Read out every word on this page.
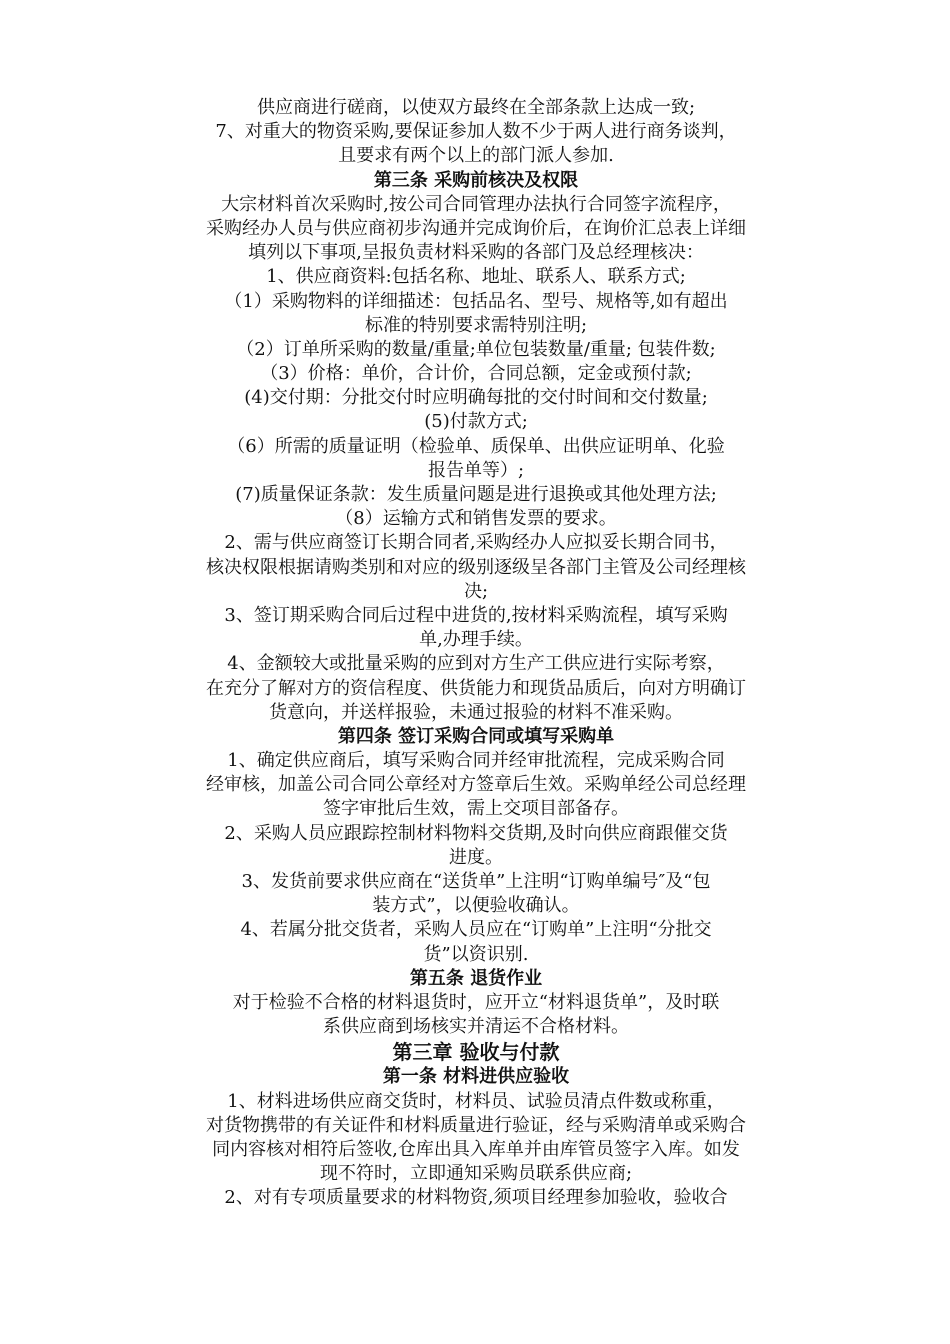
供应商进行磋商，以使双方最终在全部条款上达成一致;
7、对重大的物资采购,要保证参加人数不少于两人进行商务谈判，
且要求有两个以上的部门派人参加.
第三条 采购前核决及权限
大宗材料首次采购时,按公司合同管理办法执行合同签字流程序，
采购经办人员与供应商初步沟通并完成询价后，在询价汇总表上详细
填列以下事项,呈报负责材料采购的各部门及总经理核决：
1、供应商资料:包括名称、地址、联系人、联系方式;
（1）采购物料的详细描述：包括品名、型号、规格等,如有超出
标准的特别要求需特别注明;
（2）订单所采购的数量/重量;单位包装数量/重量; 包装件数;
（3）价格：单价，合计价，合同总额，定金或预付款;
(4)交付期：分批交付时应明确每批的交付时间和交付数量;
(5)付款方式;
（6）所需的质量证明（检验单、质保单、出供应证明单、化验
报告单等）;
(7)质量保证条款：发生质量问题是进行退换或其他处理方法;
（8）运输方式和销售发票的要求。
2、需与供应商签订长期合同者,采购经办人应拟妥长期合同书，
核决权限根据请购类别和对应的级别逐级呈各部门主管及公司经理核
决;
3、签订期采购合同后过程中进货的,按材料采购流程，填写采购
单,办理手续。
4、金额较大或批量采购的应到对方生产工供应进行实际考察，
在充分了解对方的资信程度、供货能力和现货品质后，向对方明确订
货意向，并送样报验，未通过报验的材料不准采购。
第四条 签订采购合同或填写采购单
1、确定供应商后，填写采购合同并经审批流程，完成采购合同
经审核，加盖公司合同公章经对方签章后生效。采购单经公司总经理
签字审批后生效，需上交项目部备存。
2、采购人员应跟踪控制材料物料交货期,及时向供应商跟催交货
进度。
3、发货前要求供应商在“送货单”上注明“订购单编号″及“包
装方式”，以便验收确认。
4、若属分批交货者，采购人员应在“订购单”上注明“分批交
货”以资识别.
第五条 退货作业
对于检验不合格的材料退货时，应开立“材料退货单”，及时联
系供应商到场核实并清运不合格材料。
第三章 验收与付款
第一条 材料进供应验收
1、材料进场供应商交货时，材料员、试验员清点件数或称重，
对货物携带的有关证件和材料质量进行验证，经与采购清单或采购合
同内容核对相符后签收,仓库出具入库单并由库管员签字入库。如发
现不符时，立即通知采购员联系供应商;
2、对有专项质量要求的材料物资,须项目经理参加验收，验收合
